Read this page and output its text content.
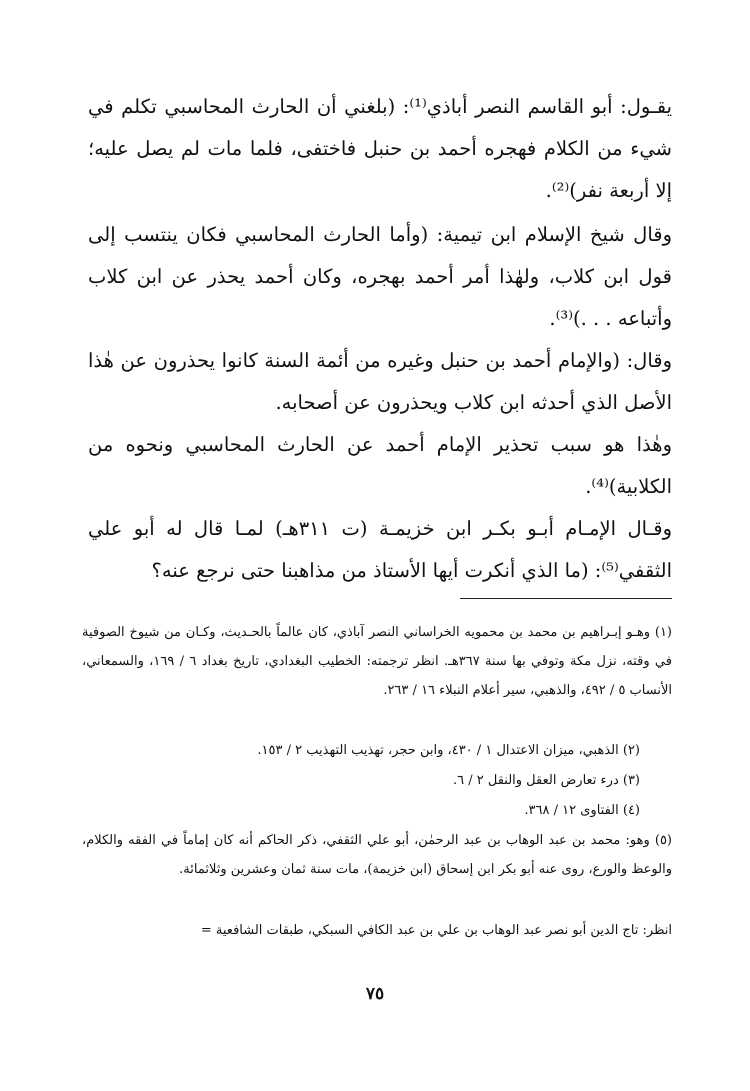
يقـول: أبو القاسم النصر أباذي⁽¹⁾: (بلغني أن الحارث المحاسبي تكلم في شيء من الكلام فهجره أحمد بن حنبل فاختفى، فلما مات لم يصل عليه؛ إلا أربعة نفر)⁽²⁾.

وقال شيخ الإسلام ابن تيمية: (وأما الحارث المحاسبي فكان ينتسب إلى قول ابن كلاب، ولهٰذا أمر أحمد بهجره، وكان أحمد يحذر عن ابن كلاب وأتباعه . . .)⁽³⁾.

وقال: (والإمام أحمد بن حنبل وغيره من أئمة السنة كانوا يحذرون عن هٰذا الأصل الذي أحدثه ابن كلاب ويحذرون عن أصحابه.

وهٰذا هو سبب تحذير الإمام أحمد عن الحارث المحاسبي ونحوه من الكلابية)⁽⁴⁾.

وقـال الإمـام أبـو بكـر ابن خزيمـة (ت ٣١١هـ) لمـا قال له أبو علي الثقفي⁽⁵⁾: (ما الذي أنكرت أيها الأستاذ من مذاهبنا حتى نرجع عنه؟

(١) وهـو إبـراهيم بن محمد بن محمويه الخراساني النصر آباذي، كان عالماً بالحـديث، وكـان من شيوخ الصوفية في وقته، نزل مكة وتوفي بها سنة ٣٦٧هـ. انظر ترجمته: الخطيب البغدادي، تاريخ بغداد ٦ / ١٦٩، والسمعاني، الأنساب ٥ / ٤٩٢، والذهبي، سير أعلام النبلاء ١٦ / ٢٦٣.

(٢) الذهبي، ميزان الاعتدال ١ / ٤٣٠، وابن حجر، تهذيب التهذيب ٢ / ١٥٣.

(٣) درء تعارض العقل والنقل ٢ / ٦.

(٤) الفتاوى ١٢ / ٣٦٨.

(٥) وهو: محمد بن عبد الوهاب بن عبد الرحمٰن، أبو علي الثقفي، ذكر الحاكم أنه كان إماماً في الفقه والكلام، والوعظ والورع، روى عنه أبو بكر ابن إسحاق (ابن خزيمة)، مات سنة ثمان وعشرين وثلاثمائة.

انظر: تاج الدين أبو نصر عبد الوهاب بن علي بن عبد الكافي السبكي، طبقات الشافعية =

٧٥
